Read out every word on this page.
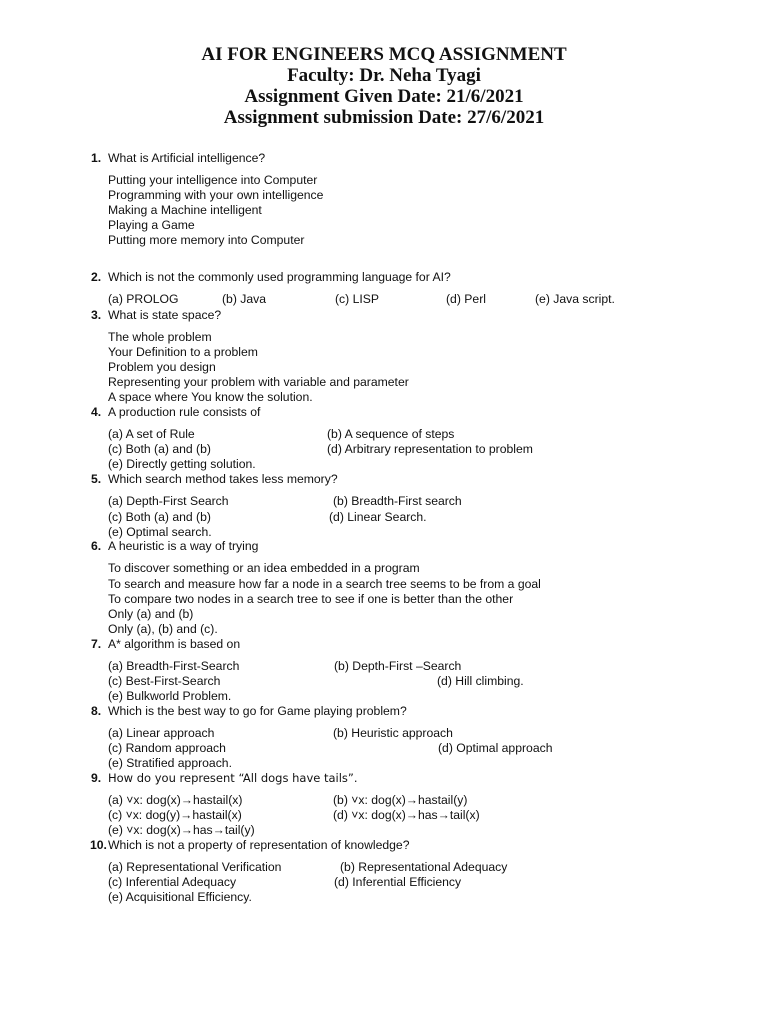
AI FOR ENGINEERS MCQ ASSIGNMENT
Faculty: Dr. Neha Tyagi
Assignment Given Date: 21/6/2021
Assignment submission Date: 27/6/2021
1. What is Artificial intelligence?
Putting your intelligence into Computer
Programming with your own intelligence
Making a Machine intelligent
Playing a Game
Putting more memory into Computer
2. Which is not the commonly used programming language for AI?
(a) PROLOG	(b) Java	(c) LISP	(d) Perl	(e) Java script.
3. What is state space?
The whole problem
Your Definition to a problem
Problem you design
Representing your problem with variable and parameter
A space where You know the solution.
4. A production rule consists of
(a) A set of Rule	(b) A sequence of steps
(c) Both (a) and (b)	(d) Arbitrary representation to problem
(e) Directly getting solution.
5. Which search method takes less memory?
(a) Depth-First Search	(b) Breadth-First search
(c) Both (a) and (b)	(d) Linear Search.
(e) Optimal search.
6. A heuristic is a way of trying
To discover something or an idea embedded in a program
To search and measure how far a node in a search tree seems to be from a goal
To compare two nodes in a search tree to see if one is better than the other
Only (a) and (b)
Only (a), (b) and (c).
7. A* algorithm is based on
(a) Breadth-First-Search	(b) Depth-First –Search
(c) Best-First-Search	(d) Hill climbing.
(e) Bulkworld Problem.
8. Which is the best way to go for Game playing problem?
(a) Linear approach	(b) Heuristic approach
(c) Random approach	(d) Optimal approach
(e) Stratified approach.
9. How do you represent “All dogs have tails”.
(a) ˅x: dog(x)→hastail(x)	(b) ˅x: dog(x)→hastail(y)
(c) ˅x: dog(y)→hastail(x)	(d) ˅x: dog(x)→has→tail(x)
(e) ˅x: dog(x)→has→tail(y)
10. Which is not a property of representation of knowledge?
(a) Representational Verification	(b) Representational Adequacy
(c) Inferential Adequacy	(d) Inferential Efficiency
(e) Acquisitional Efficiency.
